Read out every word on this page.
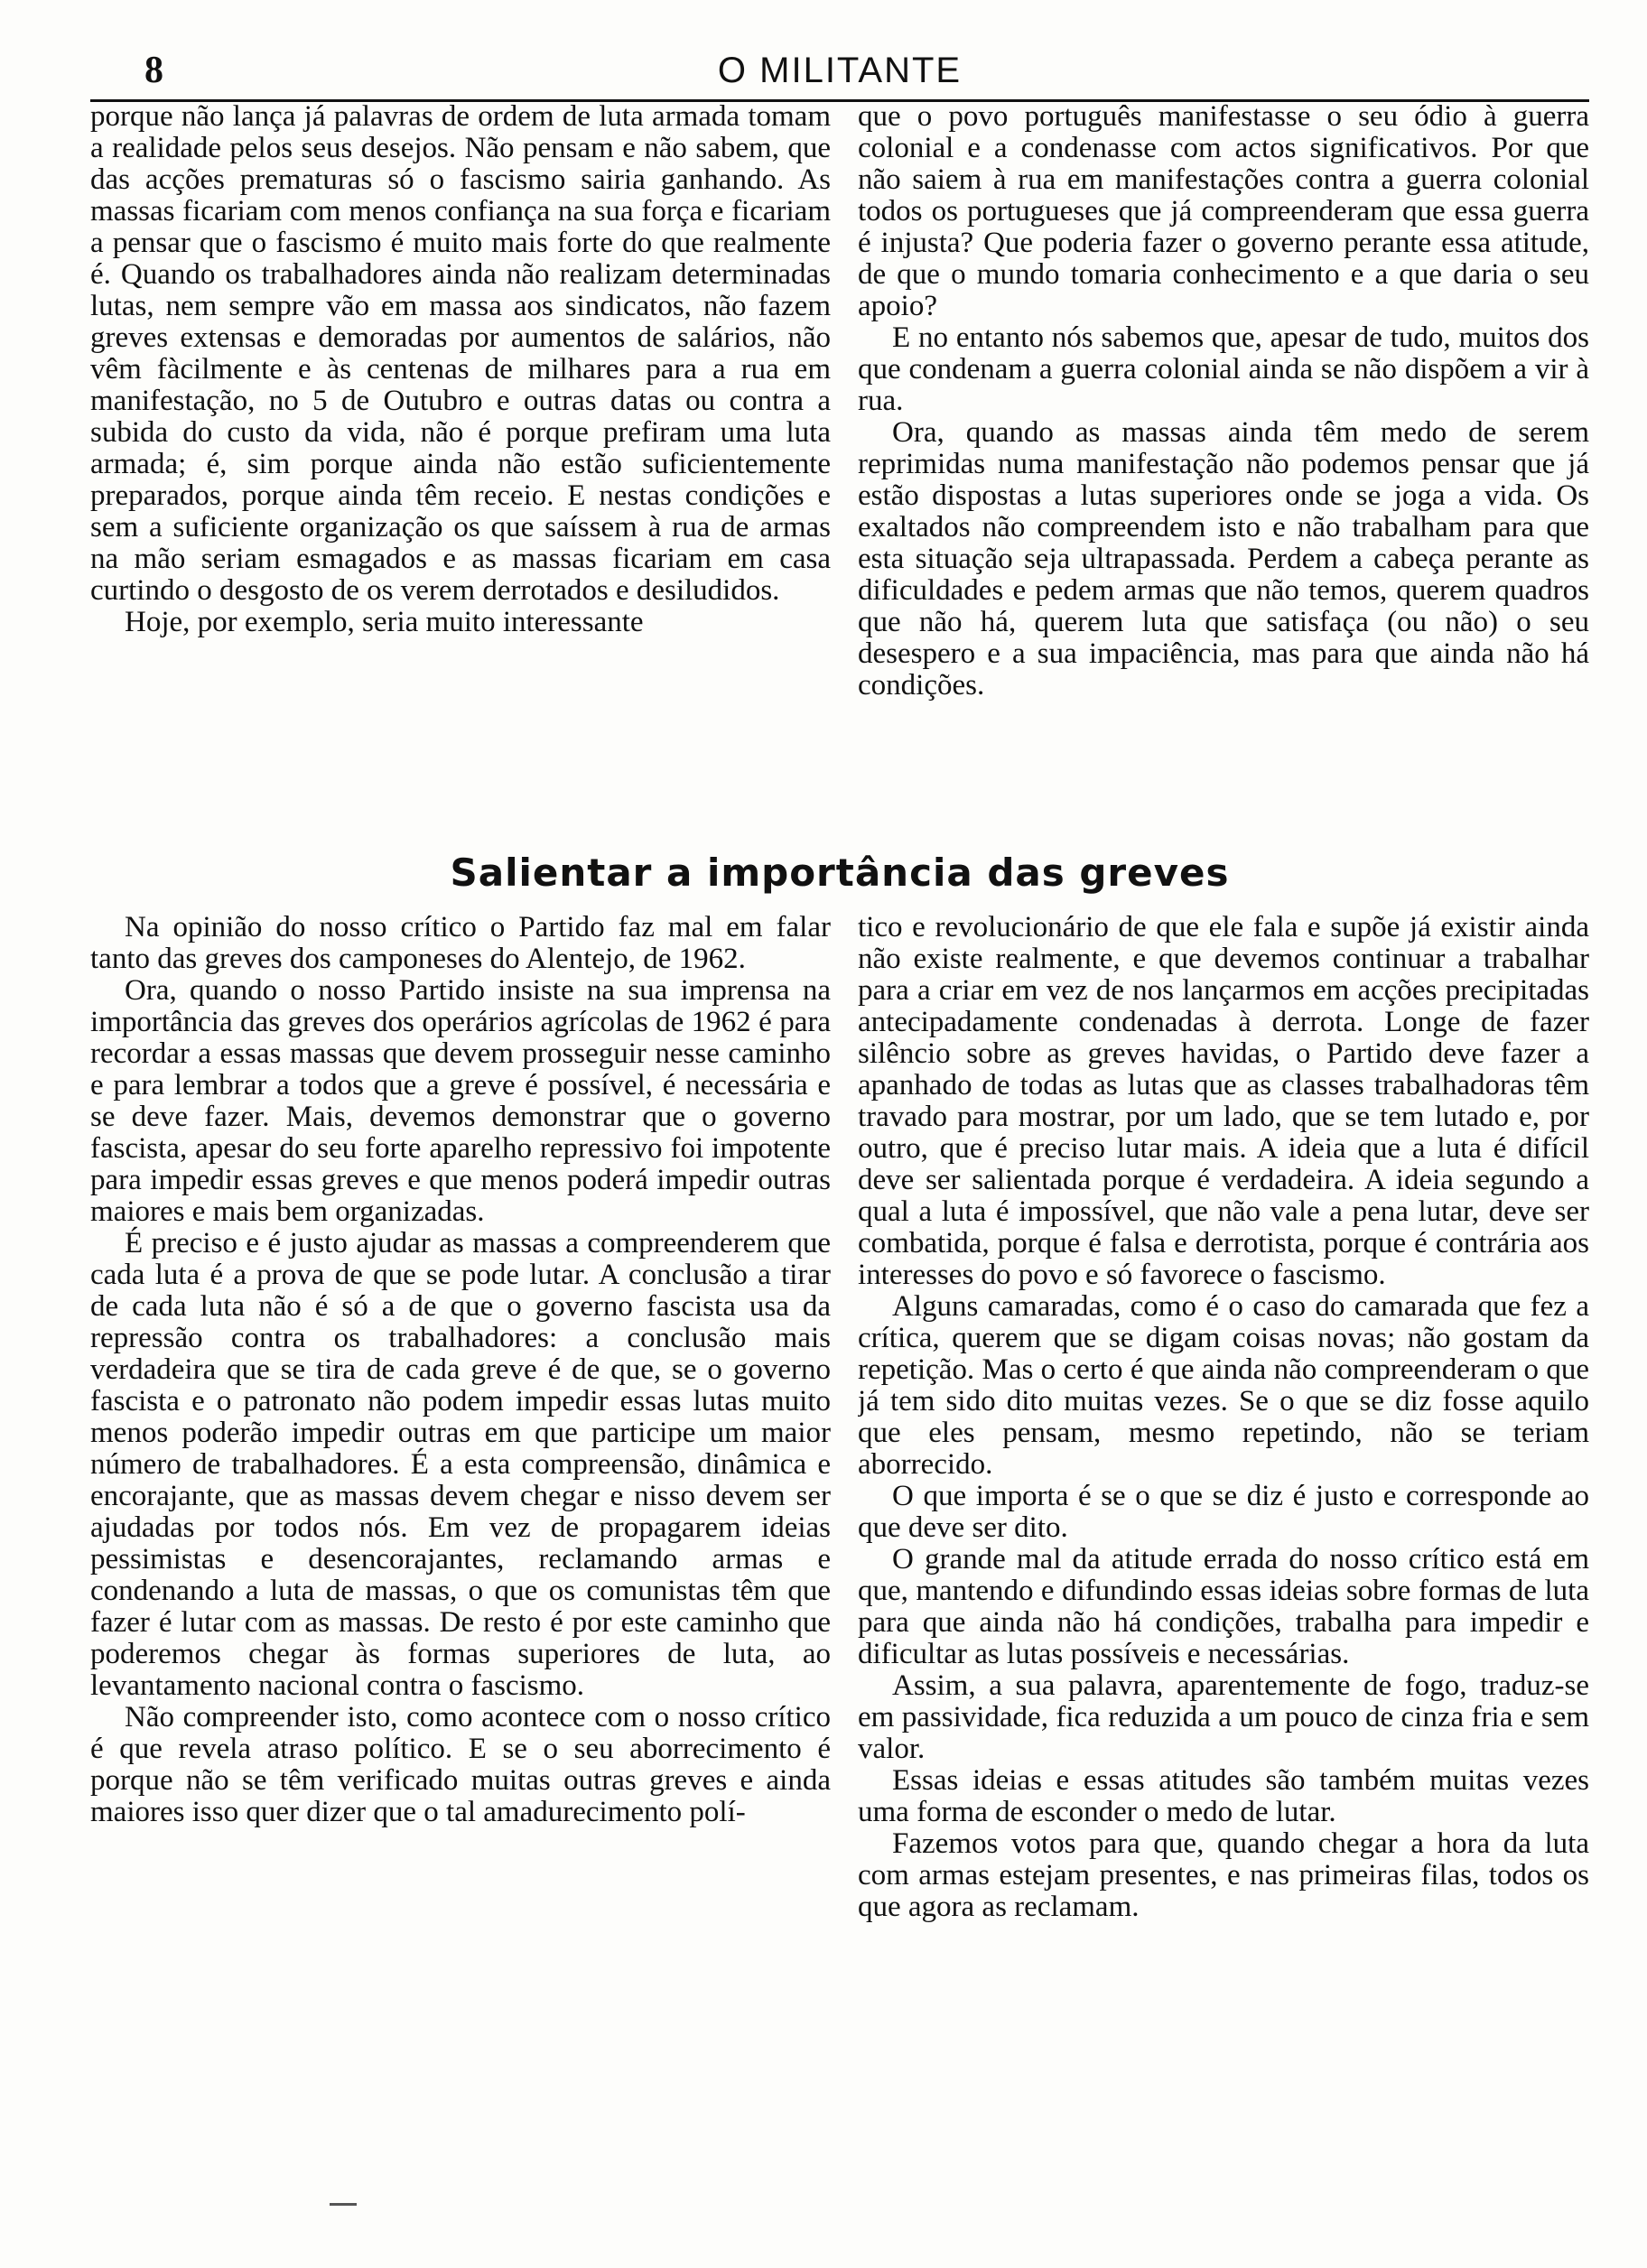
8	O MILITANTE

porque não lança já palavras de ordem de luta armada tomam a realidade pelos seus desejos. Não pensam e não sabem, que das acções prematuras só o fascismo sairia ganhando. As massas ficariam com menos confiança na sua força e ficariam a pensar que o fascismo é muito mais forte do que realmente é. Quando os trabalhadores ainda não realizam determinadas lutas, nem sempre vão em massa aos sindicatos, não fazem greves extensas e demoradas por aumentos de salários, não vêm fàcilmente e às centenas de milhares para a rua em manifestação, no 5 de Outubro e outras datas ou contra a subida do custo da vida, não é porque prefiram uma luta armada; é, sim porque ainda não estão suficientemente preparados, porque ainda têm receio. E nestas condições e sem a suficiente organização os que saíssem à rua de armas na mão seriam esmagados e as massas ficariam em casa curtindo o desgosto de os verem derrotados e desiludidos.

Hoje, por exemplo, seria muito interessante

que o povo português manifestasse o seu ódio à guerra colonial e a condenasse com actos significativos. Por que não saiem à rua em manifestações contra a guerra colonial todos os portugueses que já compreenderam que essa guerra é injusta? Que poderia fazer o governo perante essa atitude, de que o mundo tomaria conhecimento e a que daria o seu apoio?

E no entanto nós sabemos que, apesar de tudo, muitos dos que condenam a guerra colonial ainda se não dispõem a vir à rua.

Ora, quando as massas ainda têm medo de serem reprimidas numa manifestação não podemos pensar que já estão dispostas a lutas superiores onde se joga a vida. Os exaltados não compreendem isto e não trabalham para que esta situação seja ultrapassada. Perdem a cabeça perante as dificuldades e pedem armas que não temos, querem quadros que não há, querem luta que satisfaça (ou não) o seu desespero e a sua impaciência, mas para que ainda não há condições.

Salientar a importância das greves

Na opinião do nosso crítico o Partido faz mal em falar tanto das greves dos camponeses do Alentejo, de 1962.

Ora, quando o nosso Partido insiste na sua imprensa na importância das greves dos operários agrícolas de 1962 é para recordar a essas massas que devem prosseguir nesse caminho e para lembrar a todos que a greve é possível, é necessária e se deve fazer. Mais, devemos demonstrar que o governo fascista, apesar do seu forte aparelho repressivo foi impotente para impedir essas greves e que menos poderá impedir outras maiores e mais bem organizadas.

É preciso e é justo ajudar as massas a compreenderem que cada luta é a prova de que se pode lutar. A conclusão a tirar de cada luta não é só a de que o governo fascista usa da repressão contra os trabalhadores: a conclusão mais verdadeira que se tira de cada greve é de que, se o governo fascista e o patronato não podem impedir essas lutas muito menos poderão impedir outras em que participe um maior número de trabalhadores. É a esta compreensão, dinâmica e encorajante, que as massas devem chegar e nisso devem ser ajudadas por todos nós. Em vez de propagarem ideias pessimistas e desencorajantes, reclamando armas e condenando a luta de massas, o que os comunistas têm que fazer é lutar com as massas. De resto é por este caminho que poderemos chegar às formas superiores de luta, ao levantamento nacional contra o fascismo.

Não compreender isto, como acontece com o nosso crítico é que revela atraso político. E se o seu aborrecimento é porque não se têm verificado muitas outras greves e ainda maiores isso quer dizer que o tal amadurecimento polí-

tico e revolucionário de que ele fala e supõe já existir ainda não existe realmente, e que devemos continuar a trabalhar para a criar em vez de nos lançarmos em acções precipitadas antecipadamente condenadas à derrota. Longe de fazer silêncio sobre as greves havidas, o Partido deve fazer a apanhado de todas as lutas que as classes trabalhadoras têm travado para mostrar, por um lado, que se tem lutado e, por outro, que é preciso lutar mais. A ideia que a luta é difícil deve ser salientada porque é verdadeira. A ideia segundo a qual a luta é impossível, que não vale a pena lutar, deve ser combatida, porque é falsa e derrotista, porque é contrária aos interesses do povo e só favorece o fascismo.

Alguns camaradas, como é o caso do camarada que fez a crítica, querem que se digam coisas novas; não gostam da repetição. Mas o certo é que ainda não compreenderam o que já tem sido dito muitas vezes. Se o que se diz fosse aquilo que eles pensam, mesmo repetindo, não se teriam aborrecido.

O que importa é se o que se diz é justo e corresponde ao que deve ser dito.

O grande mal da atitude errada do nosso crítico está em que, mantendo e difundindo essas ideias sobre formas de luta para que ainda não há condições, trabalha para impedir e dificultar as lutas possíveis e necessárias.

Assim, a sua palavra, aparentemente de fogo, traduz-se em passividade, fica reduzida a um pouco de cinza fria e sem valor.

Essas ideias e essas atitudes são também muitas vezes uma forma de esconder o medo de lutar.

Fazemos votos para que, quando chegar a hora da luta com armas estejam presentes, e nas primeiras filas, todos os que agora as reclamam.
